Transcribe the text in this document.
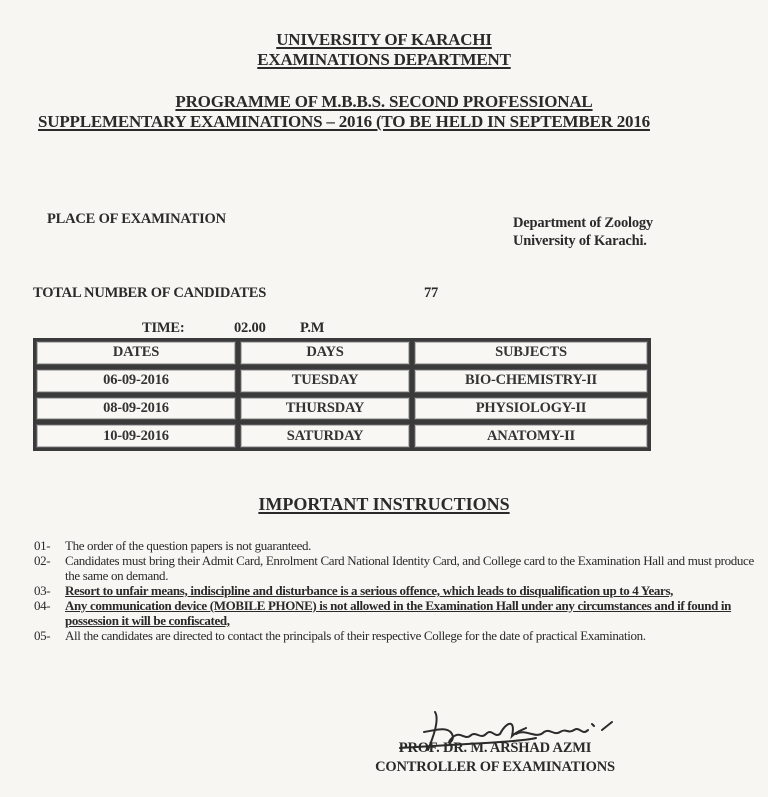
UNIVERSITY OF KARACHI
EXAMINATIONS DEPARTMENT
PROGRAMME OF M.B.B.S. SECOND PROFESSIONAL
SUPPLEMENTARY EXAMINATIONS – 2016 (TO BE HELD IN SEPTEMBER 2016
PLACE OF EXAMINATION	Department of Zoology
University of Karachi.
TOTAL NUMBER OF CANDIDATES	77
TIME:	02.00 P.M
DATES	DAYS	SUBJECTS
06-09-2016	TUESDAY	BIO-CHEMISTRY-II
08-09-2016	THURSDAY	PHYSIOLOGY-II
10-09-2016	SATURDAY	ANATOMY-II
IMPORTANT INSTRUCTIONS
01-	The order of the question papers is not guaranteed.
02-	Candidates must bring their Admit Card, Enrolment Card National Identity Card, and College card to the Examination Hall and must produce the same on demand.
03-	Resort to unfair means, indiscipline and disturbance is a serious offence, which leads to disqualification up to 4 Years,
04-	Any communication device (MOBILE PHONE) is not allowed in the Examination Hall under any circumstances and if found in possession it will be confiscated,
05-	All the candidates are directed to contact the principals of their respective College for the date of practical Examination.
PROF. DR. M. ARSHAD AZMI
CONTROLLER OF EXAMINATIONS
